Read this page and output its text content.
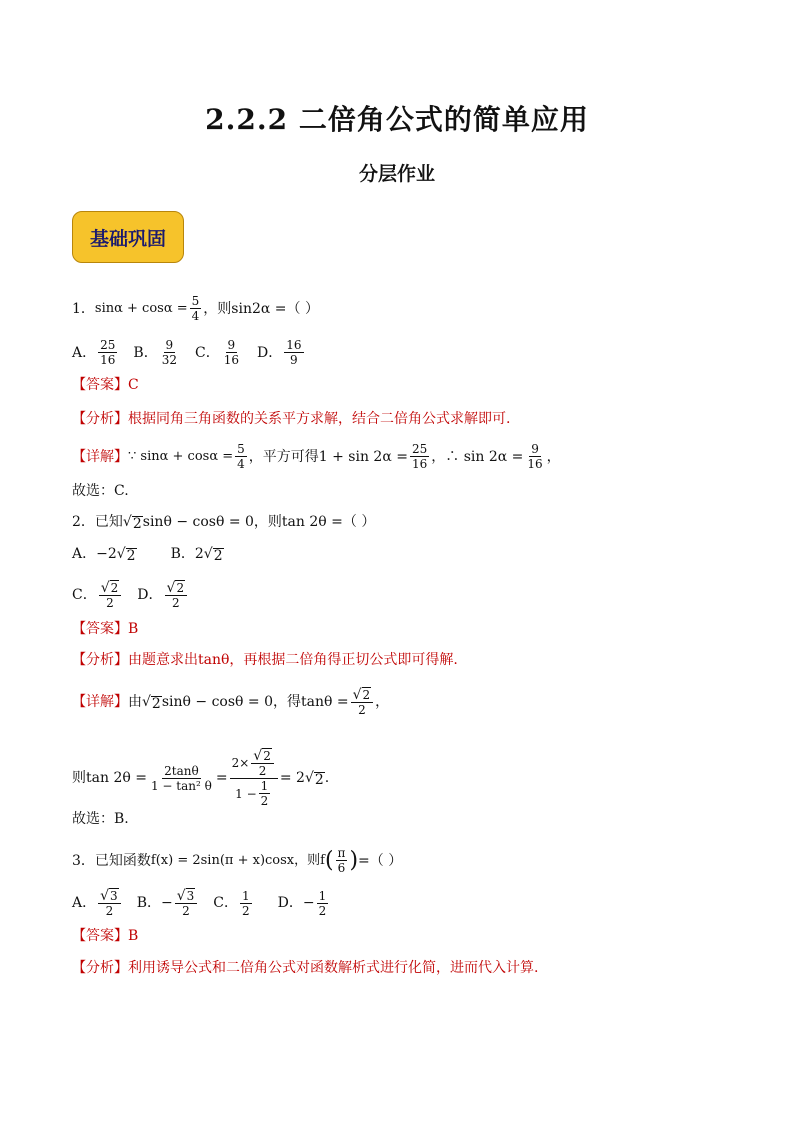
2.2.2 二倍角公式的简单应用
分层作业
基础巩固
1． $\sin\alpha + \cos\alpha = \frac{5}{4}$ ，则sin2α =（ ）
A． $\frac{25}{16}$ B． $\frac{9}{32}$ C． $\frac{9}{16}$ D． $\frac{16}{9}$
【答案】 C
【分析】 根据同角三角函数的关系平方求解，结合二倍角公式求解即可.
【详解】 ∵ $\sin\alpha + \cos\alpha = \frac{5}{4}$ ，平方可得$1 + \sin 2\alpha = \frac{25}{16}$ ，∴ $\sin 2\alpha = \frac{9}{16}$ ，
故选：C.
2．已知 √ 2 sinθ − cosθ = 0，则tan 2θ =（ ）
A．−2 √ 2	B．2 √ 2
C． $\frac{√ 2}{2}$ D． $\frac{√ 2}{2}$
【答案】 B
【分析】 由题意求出tanθ，再根据二倍角得正切公式即可得解.
【详解】 由 √ 2 sinθ − cosθ = 0，得$\tan\theta = \frac{√ 2}{2}$ ，
则$\tan 2\theta = \frac{2\tan\theta}{\text{1 − tan² θ}} = \frac{2\times \frac{√ 2}{2}}{1 - \frac{1}{2}} = 2$ √ 2 .
故选：B.
3．已知函数 f(x) = 2sin(π + x)cosx，则 f ( $\frac{\pi}{6}$ ) =（ ）
A． $\frac{√ 3}{2}$ B．− $\frac{√ 3}{2}$ C． $\frac{1}{2}$ D．− $\frac{1}{2}$
【答案】 B
【分析】 利用诱导公式和二倍角公式对函数解析式进行化简，进而代入计算.
